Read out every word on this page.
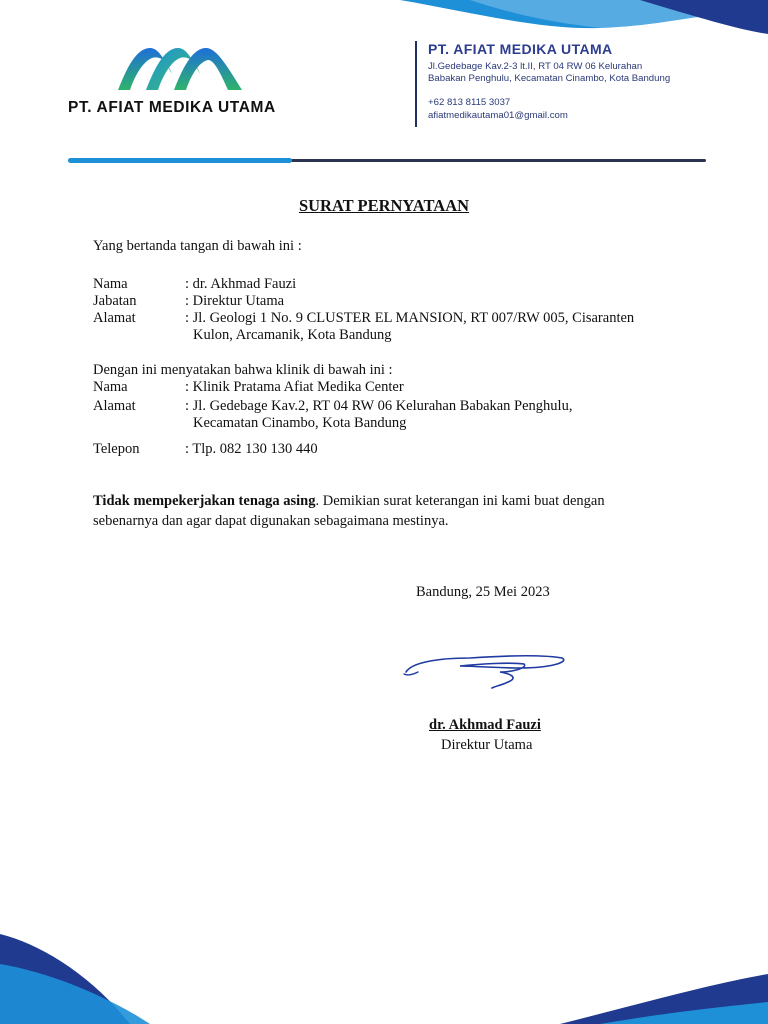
PT. AFIAT MEDIKA UTAMA
PT. AFIAT MEDIKA UTAMA
Jl.Gedebage Kav.2-3 lt.II, RT 04 RW 06 Kelurahan
Babakan Penghulu, Kecamatan Cinambo, Kota Bandung
+62 813 8115 3037
afiatmedikautama01@gmail.com
SURAT PERNYATAAN
Yang bertanda tangan di bawah ini :
Nama	: dr. Akhmad Fauzi
Jabatan	: Direktur Utama
Alamat	: Jl. Geologi 1 No. 9 CLUSTER EL MANSION, RT 007/RW 005, Cisaranten
Kulon, Arcamanik, Kota Bandung
Dengan ini menyatakan bahwa klinik di bawah ini :
Nama	: Klinik Pratama Afiat Medika Center
Alamat	: Jl. Gedebage Kav.2, RT 04 RW 06 Kelurahan Babakan Penghulu,
Kecamatan Cinambo, Kota Bandung
Telepon	: Tlp. 082 130 130 440
Tidak mempekerjakan tenaga asing. Demikian surat keterangan ini kami buat dengan sebenarnya dan agar dapat digunakan sebagaimana mestinya.
Bandung, 25 Mei 2023
dr. Akhmad Fauzi
Direktur Utama
